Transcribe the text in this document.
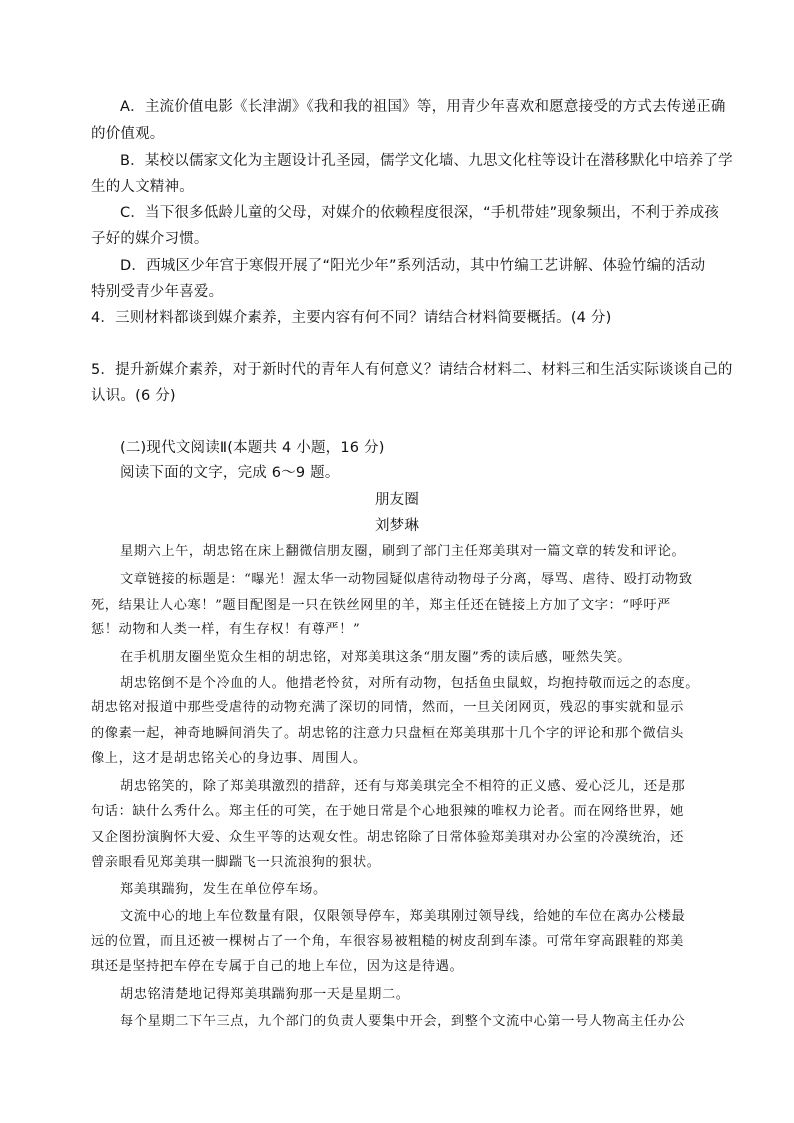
A．主流价值电影《长津湖》《我和我的祖国》等，用青少年喜欢和愿意接受的方式去传递正确
的价值观。
B．某校以儒家文化为主题设计孔圣园，儒学文化墙、九思文化柱等设计在潜移默化中培养了学
生的人文精神。
C．当下很多低龄儿童的父母，对媒介的依赖程度很深，“手机带娃”现象频出，不利于养成孩
子好的媒介习惯。
D．西城区少年宫于寒假开展了“阳光少年”系列活动，其中竹编工艺讲解、体验竹编的活动
特别受青少年喜爱。
4．三则材料都谈到媒介素养，主要内容有何不同？请结合材料简要概括。(4 分)
5．提升新媒介素养，对于新时代的青年人有何意义？请结合材料二、材料三和生活实际谈谈自己的
认识。(6 分)
(二)现代文阅读Ⅱ(本题共 4 小题，16 分)
阅读下面的文字，完成 6～9 题。
朋友圈
刘梦琳
星期六上午，胡忠铭在床上翻微信朋友圈，刷到了部门主任郑美琪对一篇文章的转发和评论。
文章链接的标题是：“曝光！渥太华一动物园疑似虐待动物母子分离，辱骂、虐待、殴打动物致
死，结果让人心寒！”题目配图是一只在铁丝网里的羊，郑主任还在链接上方加了文字：“呼吁严
惩！动物和人类一样，有生存权！有尊严！”
在手机朋友圈坐览众生相的胡忠铭，对郑美琪这条“朋友圈”秀的读后感，哑然失笑。
胡忠铭倒不是个冷血的人。他措老怜贫，对所有动物，包括鱼虫鼠蚁，均抱持敬而远之的态度。
胡忠铭对报道中那些受虐待的动物充满了深切的同情，然而，一旦关闭网页，残忍的事实就和显示
的像素一起，神奇地瞬间消失了。胡忠铭的注意力只盘桓在郑美琪那十几个字的评论和那个微信头
像上，这才是胡忠铭关心的身边事、周围人。
胡忠铭笑的，除了郑美琪激烈的措辞，还有与郑美琪完全不相符的正义感、爱心泛儿，还是那
句话：缺什么秀什么。郑主任的可笑，在于她日常是个心地狠辣的唯权力论者。而在网络世界，她
又企图扮演胸怀大爱、众生平等的达观女性。胡忠铭除了日常体验郑美琪对办公室的冷漠统治，还
曾亲眼看见郑美琪一脚踹飞一只流浪狗的狠状。
郑美琪踹狗，发生在单位停车场。
文流中心的地上车位数量有限，仅限领导停车，郑美琪刚过领导线，给她的车位在离办公楼最
远的位置，而且还被一棵树占了一个角，车很容易被粗糙的树皮刮到车漆。可常年穿高跟鞋的郑美
琪还是坚持把车停在专属于自己的地上车位，因为这是待遇。
胡忠铭清楚地记得郑美琪踹狗那一天是星期二。
每个星期二下午三点，九个部门的负责人要集中开会，到整个文流中心第一号人物高主任办公
